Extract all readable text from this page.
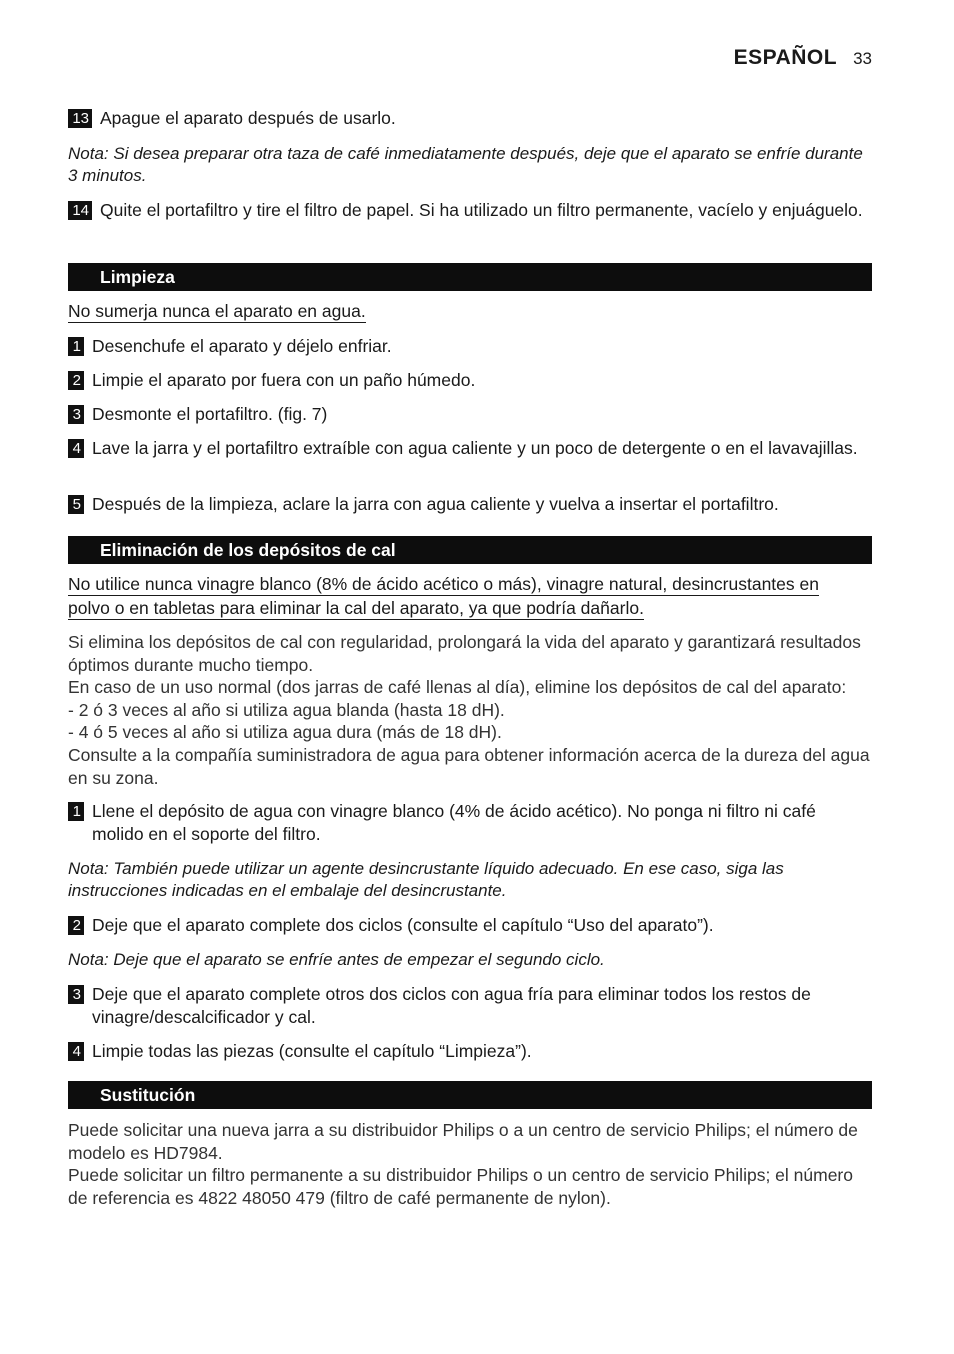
ESPAÑOL 33
13 Apague el aparato después de usarlo.
Nota: Si desea preparar otra taza de café inmediatamente después, deje que el aparato se enfríe durante 3 minutos.
14 Quite el portafiltro y tire el filtro de papel. Si ha utilizado un filtro permanente, vacíelo y enjuáguelo.
Limpieza
No sumerja nunca el aparato en agua.
1 Desenchufe el aparato y déjelo enfriar.
2 Limpie el aparato por fuera con un paño húmedo.
3 Desmonte el portafiltro. (fig. 7)
4 Lave la jarra y el portafiltro extraíble con agua caliente y un poco de detergente o en el lavavajillas.
5 Después de la limpieza, aclare la jarra con agua caliente y vuelva a insertar el portafiltro.
Eliminación de los depósitos de cal
No utilice nunca vinagre blanco (8% de ácido acético o más), vinagre natural, desincrustantes en
polvo o en tabletas para eliminar la cal del aparato, ya que podría dañarlo.
Si elimina los depósitos de cal con regularidad, prolongará la vida del aparato y garantizará resultados óptimos durante mucho tiempo.
En caso de un uso normal (dos jarras de café llenas al día), elimine los depósitos de cal del aparato:
- 2 ó 3 veces al año si utiliza agua blanda (hasta 18 dH).
- 4 ó 5 veces al año si utiliza agua dura (más de 18 dH).
Consulte a la compañía suministradora de agua para obtener información acerca de la dureza del agua en su zona.
1 Llene el depósito de agua con vinagre blanco (4% de ácido acético). No ponga ni filtro ni café molido en el soporte del filtro.
Nota: También puede utilizar un agente desincrustante líquido adecuado. En ese caso, siga las instrucciones indicadas en el embalaje del desincrustante.
2 Deje que el aparato complete dos ciclos (consulte el capítulo “Uso del aparato”).
Nota: Deje que el aparato se enfríe antes de empezar el segundo ciclo.
3 Deje que el aparato complete otros dos ciclos con agua fría para eliminar todos los restos de vinagre/descalcificador y cal.
4 Limpie todas las piezas (consulte el capítulo “Limpieza”).
Sustitución
Puede solicitar una nueva jarra a su distribuidor Philips o a un centro de servicio Philips; el número de modelo es HD7984.
Puede solicitar un filtro permanente a su distribuidor Philips o un centro de servicio Philips; el número de referencia es 4822 48050 479 (filtro de café permanente de nylon).
